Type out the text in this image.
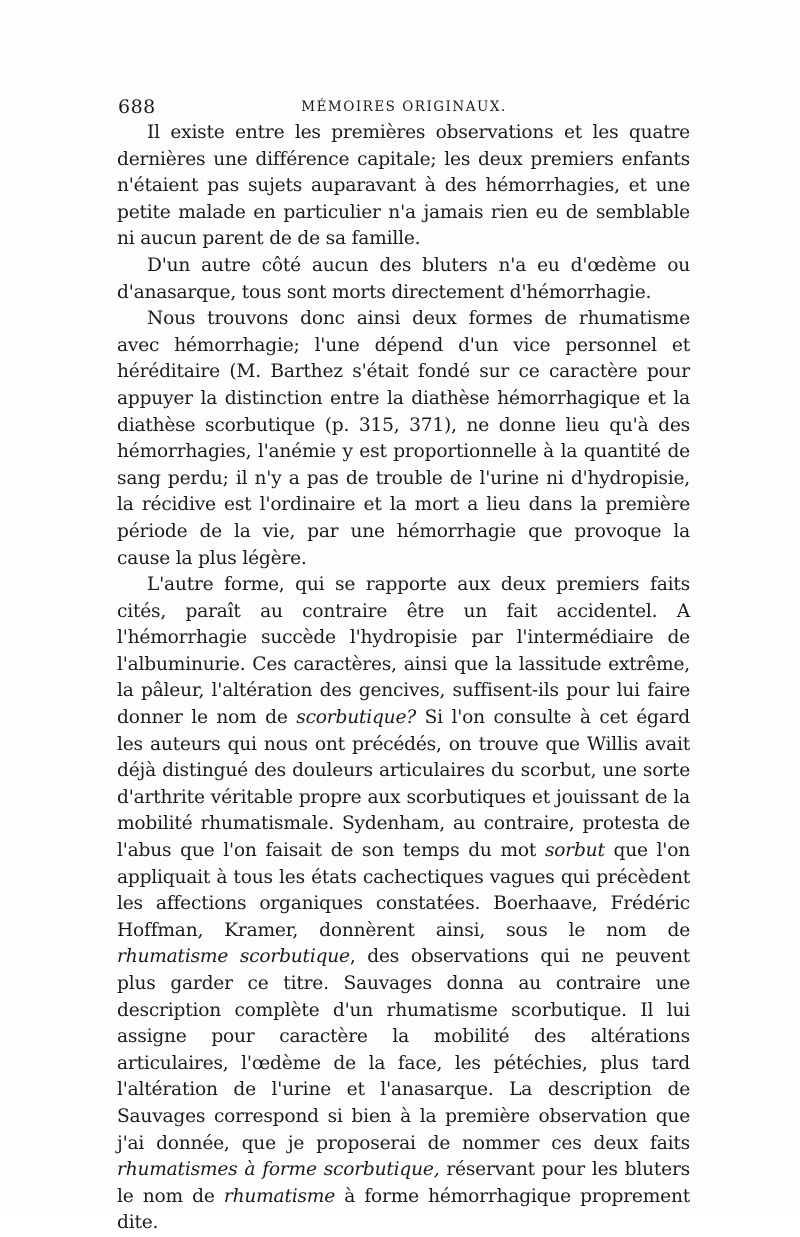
688	MÉMOIRES ORIGINAUX.

Il existe entre les premières observations et les quatre dernières une différence capitale; les deux premiers enfants n'étaient pas sujets auparavant à des hémorrhagies, et une petite malade en particulier n'a jamais rien eu de semblable ni aucun parent de de sa famille.

D'un autre côté aucun des bluters n'a eu d'œdème ou d'anasarque, tous sont morts directement d'hémorrhagie.

Nous trouvons donc ainsi deux formes de rhumatisme avec hémorrhagie; l'une dépend d'un vice personnel et héréditaire (M. Barthez s'était fondé sur ce caractère pour appuyer la distinction entre la diathèse hémorrhagique et la diathèse scorbutique (p. 315, 371), ne donne lieu qu'à des hémorrhagies, l'anémie y est proportionnelle à la quantité de sang perdu; il n'y a pas de trouble de l'urine ni d'hydropisie, la récidive est l'ordinaire et la mort a lieu dans la première période de la vie, par une hémorrhagie que provoque la cause la plus légère.

L'autre forme, qui se rapporte aux deux premiers faits cités, paraît au contraire être un fait accidentel. A l'hémorrhagie succède l'hydropisie par l'intermédiaire de l'albuminurie. Ces caractères, ainsi que la lassitude extrême, la pâleur, l'altération des gencives, suffisent-ils pour lui faire donner le nom de scorbutique? Si l'on consulte à cet égard les auteurs qui nous ont précédés, on trouve que Willis avait déjà distingué des douleurs articulaires du scorbut, une sorte d'arthrite véritable propre aux scorbutiques et jouissant de la mobilité rhumatismale. Sydenham, au contraire, protesta de l'abus que l'on faisait de son temps du mot sorbut que l'on appliquait à tous les états cachectiques vagues qui précèdent les affections organiques constatées. Boerhaave, Frédéric Hoffman, Kramer, donnèrent ainsi, sous le nom de rhumatisme scorbutique, des observations qui ne peuvent plus garder ce titre. Sauvages donna au contraire une description complète d'un rhumatisme scorbutique. Il lui assigne pour caractère la mobilité des altérations articulaires, l'œdème de la face, les pétéchies, plus tard l'altération de l'urine et l'anasarque. La description de Sauvages correspond si bien à la première observation que j'ai donnée, que je proposerai de nommer ces deux faits rhumatismes à forme scorbutique, réservant pour les bluters le nom de rhumatisme à forme hémorrhagique proprement dite.
